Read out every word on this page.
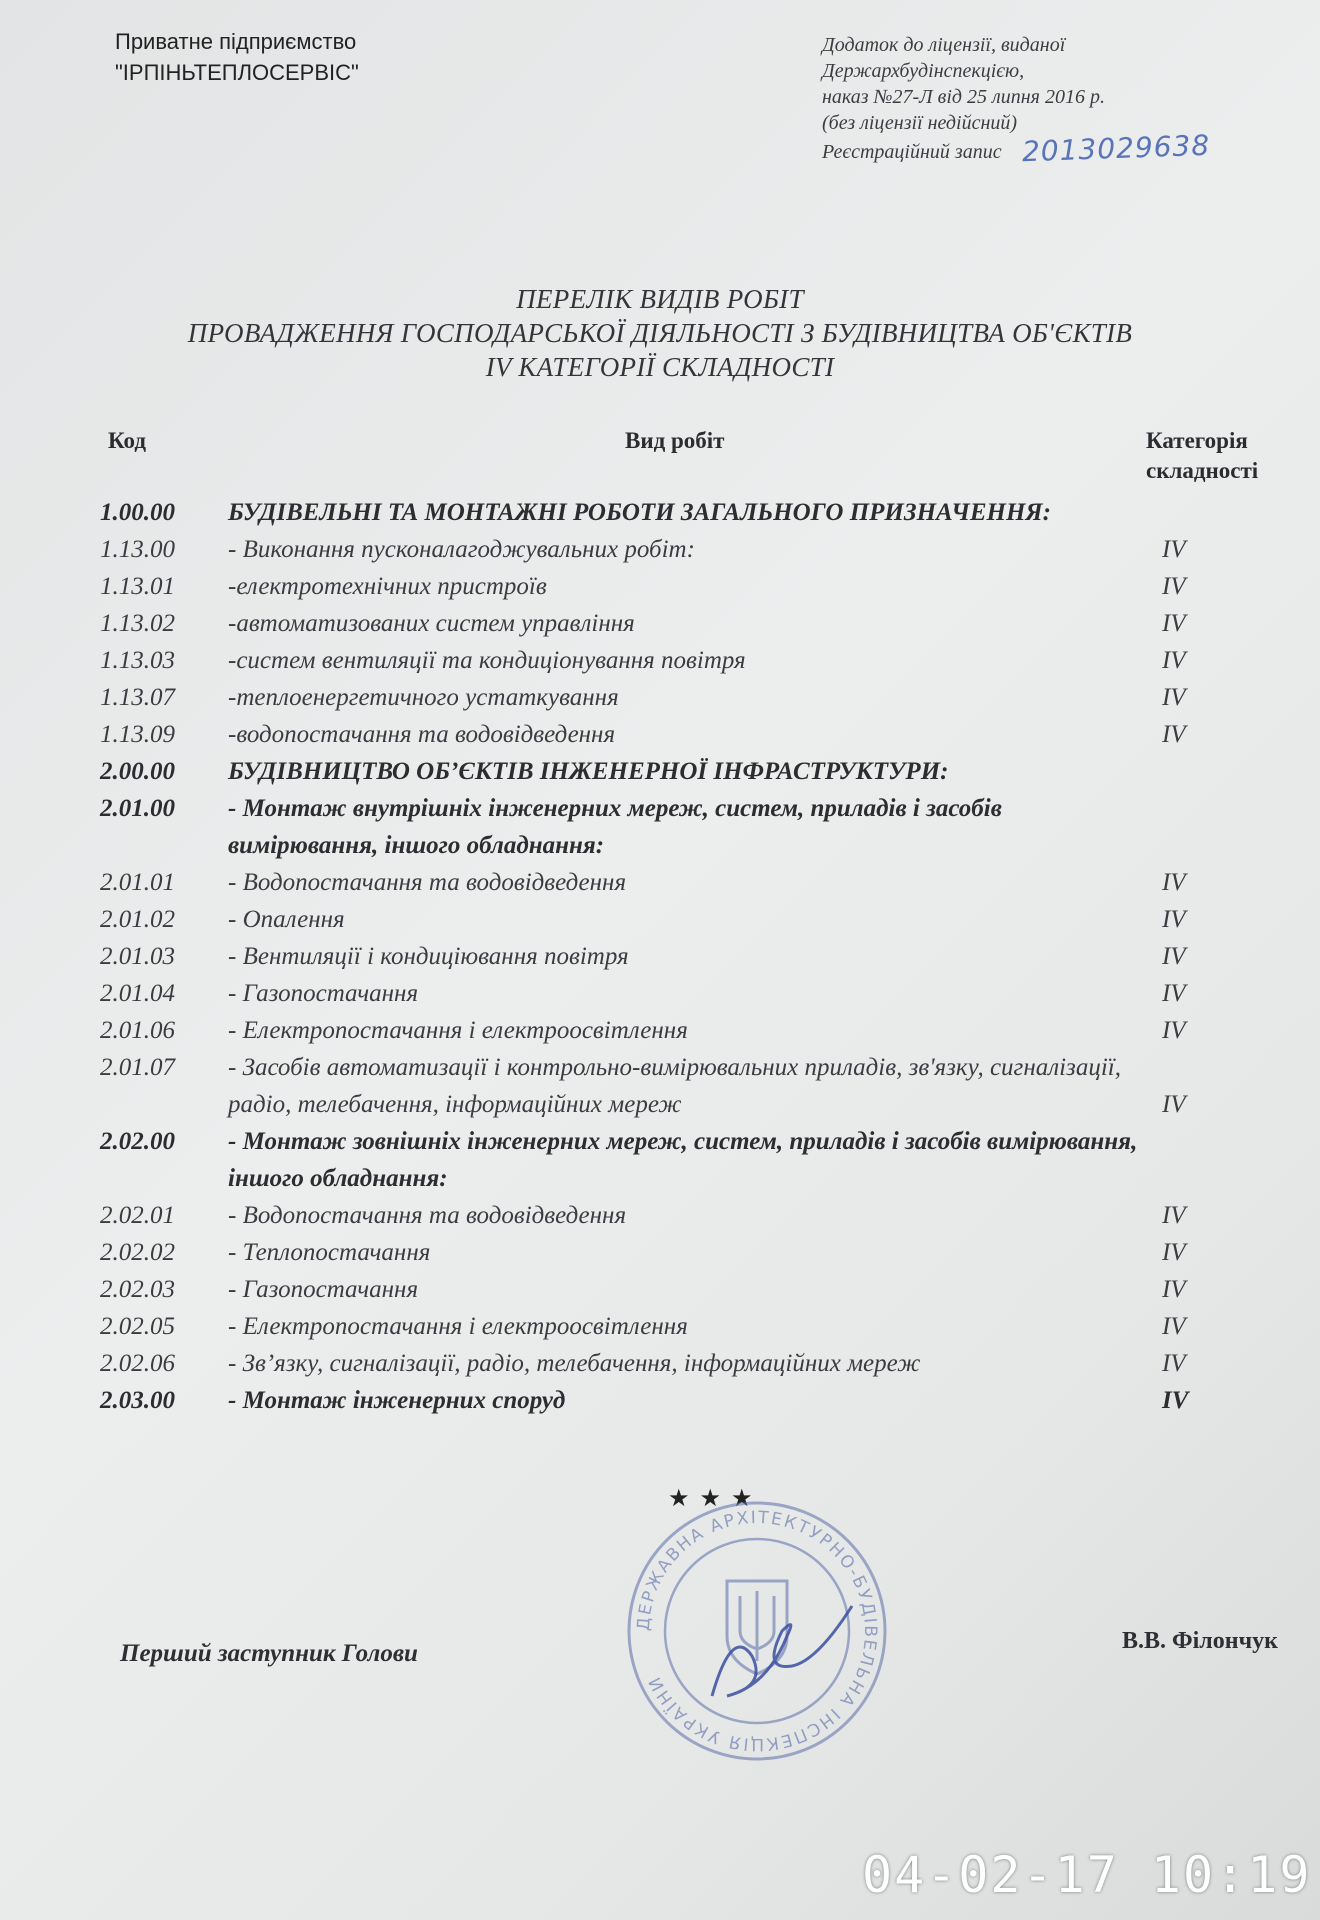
Приватне підприємство
"ІРПІНЬТЕПЛОСЕРВІС"
Додаток до ліцензії, виданої
Держархбудінспекцією,
наказ №27-Л від 25 липня 2016 р.
(без ліцензії недійсний)
Реєстраційний запис 2013029638
ПЕРЕЛІК ВИДІВ РОБІТ
ПРОВАДЖЕННЯ ГОСПОДАРСЬКОЇ ДІЯЛЬНОСТІ З БУДІВНИЦТВА ОБ'ЄКТІВ
IV КАТЕГОРІЇ СКЛАДНОСТІ
Код	Вид робіт	Категорія
складності
1.00.00	БУДІВЕЛЬНІ ТА МОНТАЖНІ РОБОТИ ЗАГАЛЬНОГО ПРИЗНАЧЕННЯ:
1.13.00	- Виконання пусконалагоджувальних робіт:	IV
1.13.01	-електротехнічних пристроїв	IV
1.13.02	-автоматизованих систем управління	IV
1.13.03	-систем вентиляції та кондиціонування повітря	IV
1.13.07	-теплоенергетичного устаткування	IV
1.13.09	-водопостачання та водовідведення	IV
2.00.00	БУДІВНИЦТВО ОБ’ЄКТІВ ІНЖЕНЕРНОЇ ІНФРАСТРУКТУРИ:
2.01.00	- Монтаж внутрішніх інженерних мереж, систем, приладів і засобів вимірювання, іншого обладнання:
2.01.01	- Водопостачання та водовідведення	IV
2.01.02	- Опалення	IV
2.01.03	- Вентиляції і кондиціювання повітря	IV
2.01.04	- Газопостачання	IV
2.01.06	- Електропостачання і електроосвітлення	IV
2.01.07	- Засобів автоматизації і контрольно-вимірювальних приладів, зв'язку, сигналізації, радіо, телебачення, інформаційних мереж	IV
2.02.00	- Монтаж зовнішніх інженерних мереж, систем, приладів і засобів вимірювання, іншого обладнання:
2.02.01	- Водопостачання та водовідведення	IV
2.02.02	- Теплопостачання	IV
2.02.03	- Газопостачання	IV
2.02.05	- Електропостачання і електроосвітлення	IV
2.02.06	- Зв’язку, сигналізації, радіо, телебачення, інформаційних мереж	IV
2.03.00	- Монтаж інженерних споруд	IV
★★★
ДЕРЖАВНА АРХІТЕКТУРНО-БУДІВЕЛЬНА ІНСПЕКЦІЯ УКРАЇНИ
Перший заступник Голови	В.В. Філончук
04-02-17 10:19
